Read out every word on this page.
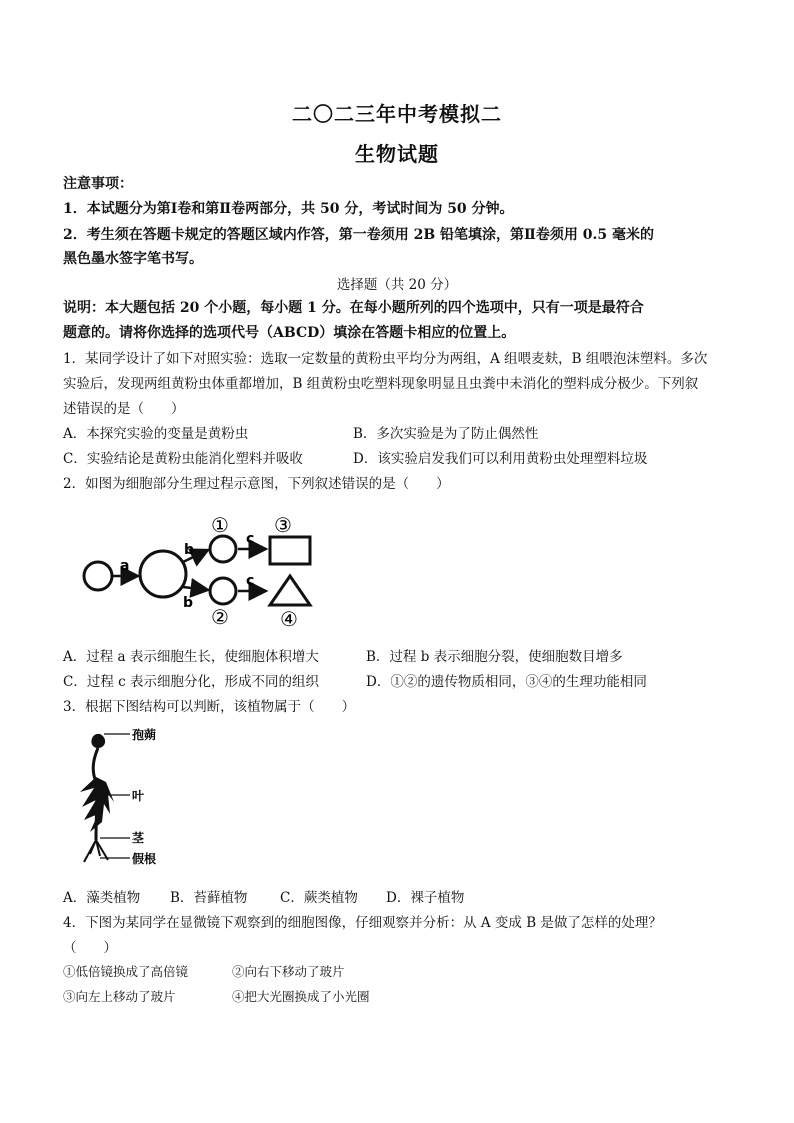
二〇二三年中考模拟二
生物试题
注意事项：
1．本试题分为第Ⅰ卷和第Ⅱ卷两部分，共 50 分，考试时间为 50 分钟。
2．考生须在答题卡规定的答题区域内作答，第一卷须用 2B 铅笔填涂，第Ⅱ卷须用 0.5 毫米的
黑色墨水签字笔书写。
选择题（共 20 分）
说明：本大题包括 20 个小题，每小题 1 分。在每小题所列的四个选项中，只有一项是最符合
题意的。请将你选择的选项代号（ABCD）填涂在答题卡相应的位置上。
1．某同学设计了如下对照实验：选取一定数量的黄粉虫平均分为两组，A 组喂麦麸，B 组喂泡沫塑料。多次
实验后，发现两组黄粉虫体重都增加，B 组黄粉虫吃塑料现象明显且虫粪中未消化的塑料成分极少。下列叙
述错误的是（　　）
A．本探究实验的变量是黄粉虫	B．多次实验是为了防止偶然性
C．实验结论是黄粉虫能消化塑料并吸收	D．该实验启发我们可以利用黄粉虫处理塑料垃圾
2．如图为细胞部分生理过程示意图，下列叙述错误的是（　　）
a
b
b
①
②
c
c
③
④
A．过程 a 表示细胞生长，使细胞体积增大	B．过程 b 表示细胞分裂，使细胞数目增多
C．过程 c 表示细胞分化，形成不同的组织	D．①②的遗传物质相同，③④的生理功能相同
3．根据下图结构可以判断，该植物属于（　　）
孢蒴
叶
茎
假根
A．藻类植物 B．苔藓植物 C．蕨类植物 D．裸子植物
4．下图为某同学在显微镜下观察到的细胞图像，仔细观察并分析：从 A 变成 B 是做了怎样的处理？
（　　）
①低倍镜换成了高倍镜	②向右下移动了玻片
③向左上移动了玻片	④把大光圈换成了小光圈
